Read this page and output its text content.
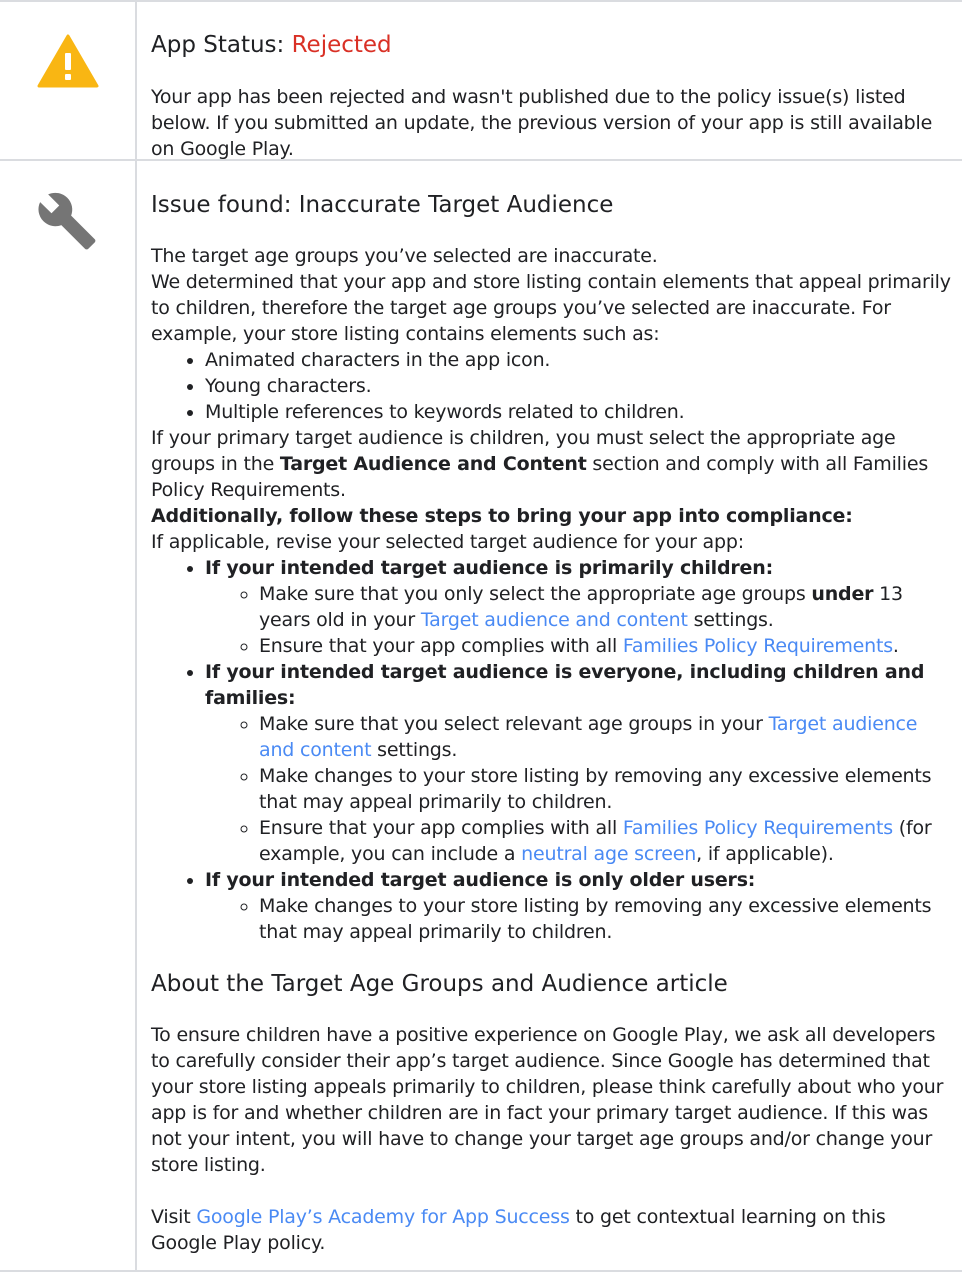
App Status: Rejected

Your app has been rejected and wasn't published due to the policy issue(s) listed below. If you submitted an update, the previous version of your app is still available on Google Play.

Issue found: Inaccurate Target Audience

The target age groups you’ve selected are inaccurate.

We determined that your app and store listing contain elements that appeal primarily to children, therefore the target age groups you’ve selected are inaccurate. For example, your store listing contains elements such as:

• Animated characters in the app icon.
• Young characters.
• Multiple references to keywords related to children.

If your primary target audience is children, you must select the appropriate age groups in the Target Audience and Content section and comply with all Families Policy Requirements.

Additionally, follow these steps to bring your app into compliance:

If applicable, revise your selected target audience for your app:

• If your intended target audience is primarily children:
◦ Make sure that you only select the appropriate age groups under 13 years old in your Target audience and content settings.
◦ Ensure that your app complies with all Families Policy Requirements.
• If your intended target audience is everyone, including children and families:
◦ Make sure that you select relevant age groups in your Target audience and content settings.
◦ Make changes to your store listing by removing any excessive elements that may appeal primarily to children.
◦ Ensure that your app complies with all Families Policy Requirements (for example, you can include a neutral age screen, if applicable).
• If your intended target audience is only older users:
◦ Make changes to your store listing by removing any excessive elements that may appeal primarily to children.
About the Target Age Groups and Audience article

To ensure children have a positive experience on Google Play, we ask all developers to carefully consider their app’s target audience. Since Google has determined that your store listing appeals primarily to children, please think carefully about who your app is for and whether children are in fact your primary target audience. If this was not your intent, you will have to change your target age groups and/or change your store listing.

Visit Google Play’s Academy for App Success to get contextual learning on this Google Play policy.
